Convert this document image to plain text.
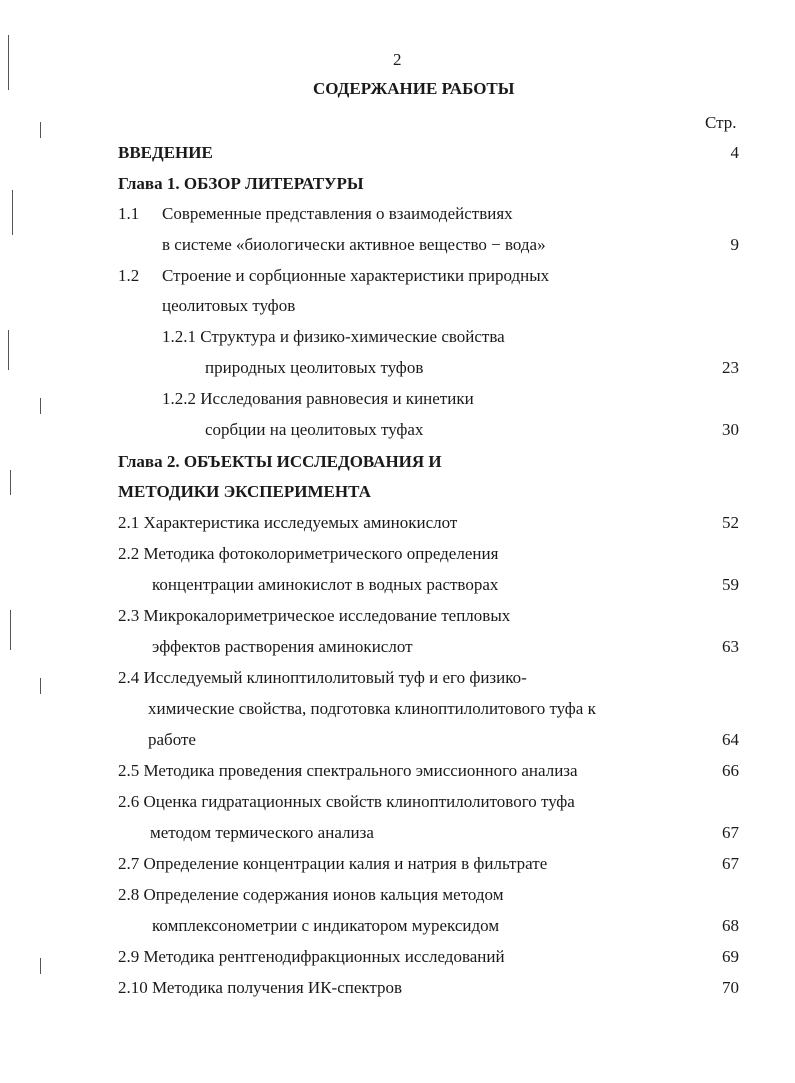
2
СОДЕРЖАНИЕ РАБОТЫ
Стр.
ВВЕДЕНИЕ	4
Глава 1. ОБЗОР ЛИТЕРАТУРЫ
1.1 Современные представления о взаимодействиях
в системе «биологически активное вещество − вода»	9
1.2 Строение и сорбционные характеристики природных
цеолитовых туфов
1.2.1 Структура и физико-химические свойства
природных цеолитовых туфов	23
1.2.2 Исследования равновесия и кинетики
сорбции на цеолитовых туфах	30
Глава 2. ОБЪЕКТЫ ИССЛЕДОВАНИЯ И
МЕТОДИКИ ЭКСПЕРИМЕНТА
2.1 Характеристика исследуемых аминокислот	52
2.2 Методика фотоколориметрического определения
концентрации аминокислот в водных растворах	59
2.3 Микрокалориметрическое исследование тепловых
эффектов растворения аминокислот	63
2.4 Исследуемый клиноптилолитовый туф и его физико-
химические свойства, подготовка клиноптилолитового туфа к
работе	64
2.5 Методика проведения спектрального эмиссионного анализа	66
2.6 Оценка гидратационных свойств клиноптилолитового туфа
методом термического анализа	67
2.7 Определение концентрации калия и натрия в фильтрате	67
2.8 Определение содержания ионов кальция методом
комплексонометрии с индикатором мурексидом	68
2.9 Методика рентгенодифракционных исследований	69
2.10 Методика получения ИК-спектров	70
